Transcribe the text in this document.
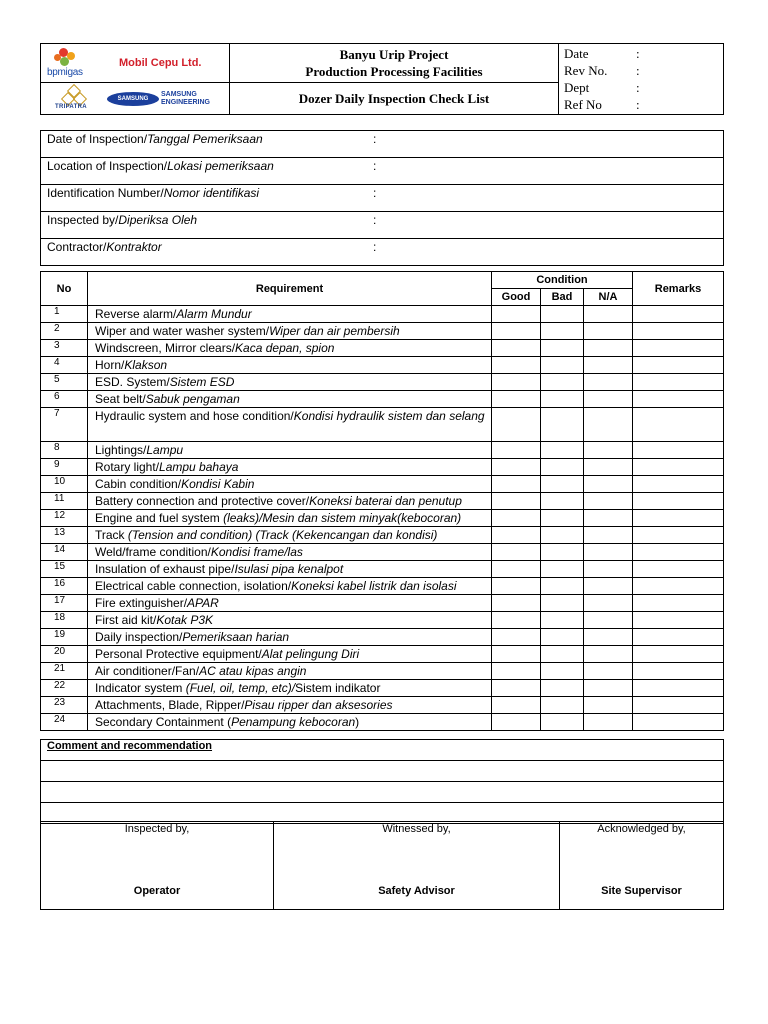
bpmigas
Mobil Cepu Ltd.
TRIPATRA
SAMSUNG
SAMSUNG
ENGINEERING

Banyu Urip Project
Production Processing Facilities

Date	:
Rev No.	:
Dept	:
Ref No	:

Dozer Daily Inspection Check List
Date of Inspection/Tanggal Pemeriksaan	:
Location of Inspection/Lokasi pemeriksaan	:
Identification Number/Nomor identifikasi	:
Inspected by/Diperiksa Oleh	:
Contractor/Kontraktor	:
No	Requirement	Condition			Remarks
		Good	Bad	N/A	
1	Reverse alarm/Alarm Mundur				
2	Wiper and water washer system/Wiper dan air pembersih				
3	Windscreen, Mirror clears/Kaca depan, spion				
4	Horn/Klakson				
5	ESD. System/Sistem ESD				
6	Seat belt/Sabuk pengaman				
7	Hydraulic system and hose condition/Kondisi hydraulik sistem dan selang				
8	Lightings/Lampu				
9	Rotary light/Lampu bahaya				
10	Cabin condition/Kondisi Kabin				
11	Battery connection and protective cover/Koneksi baterai dan penutup				
12	Engine and fuel system (leaks)/Mesin dan sistem minyak(kebocoran)				
13	Track (Tension and condition) (Track (Kekencangan dan kondisi)				
14	Weld/frame condition/Kondisi frame/las				
15	Insulation of exhaust pipe/Isulasi pipa kenalpot				
16	Electrical cable connection, isolation/Koneksi kabel listrik dan isolasi				
17	Fire extinguisher/APAR				
18	First aid kit/Kotak P3K				
19	Daily inspection/Pemeriksaan harian				
20	Personal Protective equipment/Alat pelingung Diri				
21	Air conditioner/Fan/AC atau kipas angin				
22	Indicator system (Fuel, oil, temp, etc)/Sistem indikator				
23	Attachments, Blade, Ripper/Pisau ripper dan aksesories				
24	Secondary Containment (Penampung kebocoran)				
Comment and recommendation

Inspected by,
Operator

Witnessed by,
Safety Advisor

Acknowledged by,
Site Supervisor
